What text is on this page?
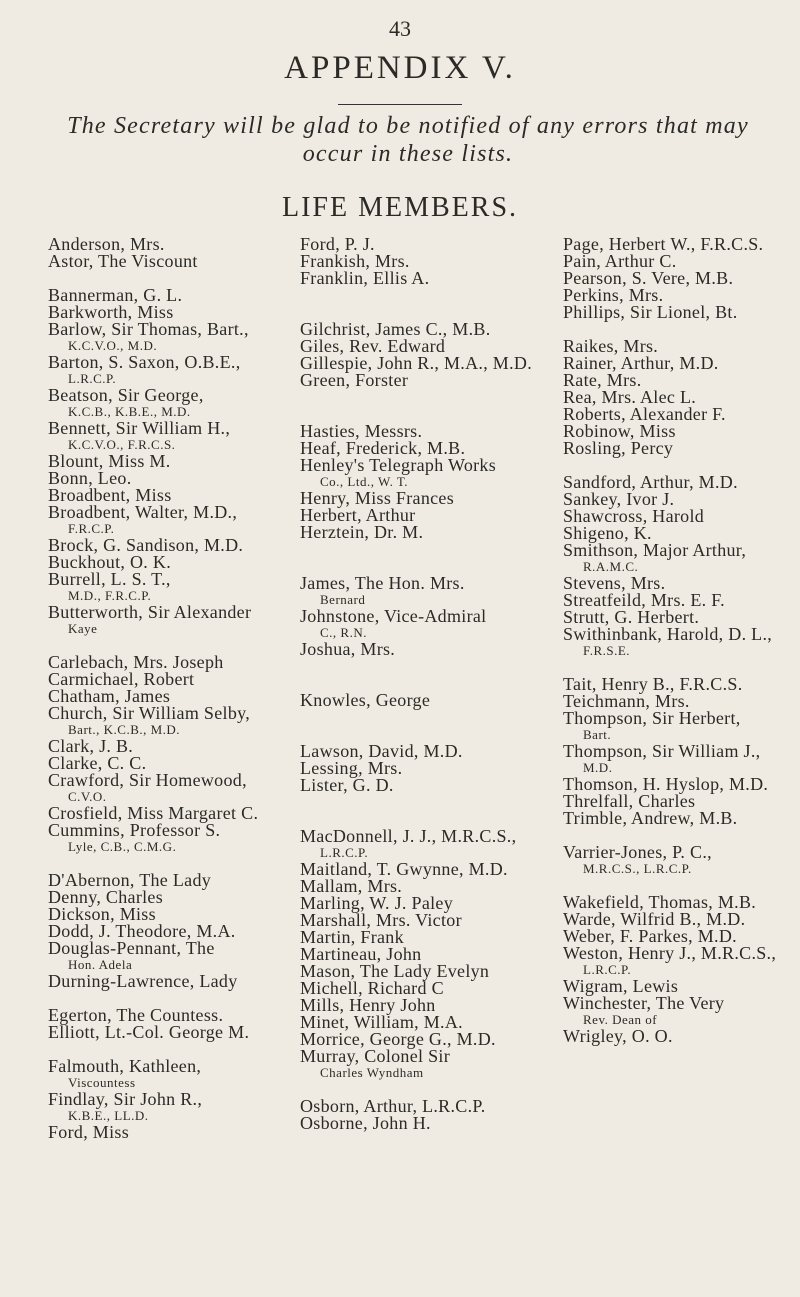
43
APPENDIX V.
The Secretary will be glad to be notified of any errors that may
occur in these lists.
LIFE MEMBERS.
Anderson, Mrs.
Astor, The Viscount
Bannerman, G. L.
Barkworth, Miss
Barlow, Sir Thomas, Bart.,
K.C.V.O., M.D.
Barton, S. Saxon, O.B.E.,
L.R.C.P.
Beatson, Sir George,
K.C.B., K.B.E., M.D.
Bennett, Sir William H.,
K.C.V.O., F.R.C.S.
Blount, Miss M.
Bonn, Leo.
Broadbent, Miss
Broadbent, Walter, M.D.,
F.R.C.P.
Brock, G. Sandison, M.D.
Buckhout, O. K.
Burrell, L. S. T.,
M.D., F.R.C.P.
Butterworth, Sir Alexander
Kaye
Carlebach, Mrs. Joseph
Carmichael, Robert
Chatham, James
Church, Sir William Selby,
Bart., K.C.B., M.D.
Clark, J. B.
Clarke, C. C.
Crawford, Sir Homewood,
C.V.O.
Crosfield, Miss Margaret C.
Cummins, Professor S.
Lyle, C.B., C.M.G.
D'Abernon, The Lady
Denny, Charles
Dickson, Miss
Dodd, J. Theodore, M.A.
Douglas-Pennant, The
Hon. Adela
Durning-Lawrence, Lady
Egerton, The Countess.
Elliott, Lt.-Col. George M.
Falmouth, Kathleen,
Viscountess
Findlay, Sir John R.,
K.B.E., LL.D.
Ford, Miss
Ford, P. J.
Frankish, Mrs.
Franklin, Ellis A.
Gilchrist, James C., M.B.
Giles, Rev. Edward
Gillespie, John R., M.A., M.D.
Green, Forster
Hasties, Messrs.
Heaf, Frederick, M.B.
Henley's Telegraph Works
Co., Ltd., W. T.
Henry, Miss Frances
Herbert, Arthur
Herztein, Dr. M.
James, The Hon. Mrs.
Bernard
Johnstone, Vice-Admiral
C., R.N.
Joshua, Mrs.
Knowles, George
Lawson, David, M.D.
Lessing, Mrs.
Lister, G. D.
MacDonnell, J. J., M.R.C.S.,
L.R.C.P.
Maitland, T. Gwynne, M.D.
Mallam, Mrs.
Marling, W. J. Paley
Marshall, Mrs. Victor
Martin, Frank
Martineau, John
Mason, The Lady Evelyn
Michell, Richard C
Mills, Henry John
Minet, William, M.A.
Morrice, George G., M.D.
Murray, Colonel Sir
Charles Wyndham
Osborn, Arthur, L.R.C.P.
Osborne, John H.
Page, Herbert W., F.R.C.S.
Pain, Arthur C.
Pearson, S. Vere, M.B.
Perkins, Mrs.
Phillips, Sir Lionel, Bt.
Raikes, Mrs.
Rainer, Arthur, M.D.
Rate, Mrs.
Rea, Mrs. Alec L.
Roberts, Alexander F.
Robinow, Miss
Rosling, Percy
Sandford, Arthur, M.D.
Sankey, Ivor J.
Shawcross, Harold
Shigeno, K.
Smithson, Major Arthur,
R.A.M.C.
Stevens, Mrs.
Streatfeild, Mrs. E. F.
Strutt, G. Herbert.
Swithinbank, Harold, D. L.,
F.R.S.E.
Tait, Henry B., F.R.C.S.
Teichmann, Mrs.
Thompson, Sir Herbert,
Bart.
Thompson, Sir William J.,
M.D.
Thomson, H. Hyslop, M.D.
Threlfall, Charles
Trimble, Andrew, M.B.
Varrier-Jones, P. C.,
M.R.C.S., L.R.C.P.
Wakefield, Thomas, M.B.
Warde, Wilfrid B., M.D.
Weber, F. Parkes, M.D.
Weston, Henry J., M.R.C.S.,
L.R.C.P.
Wigram, Lewis
Winchester, The Very
Rev. Dean of
Wrigley, O. O.
